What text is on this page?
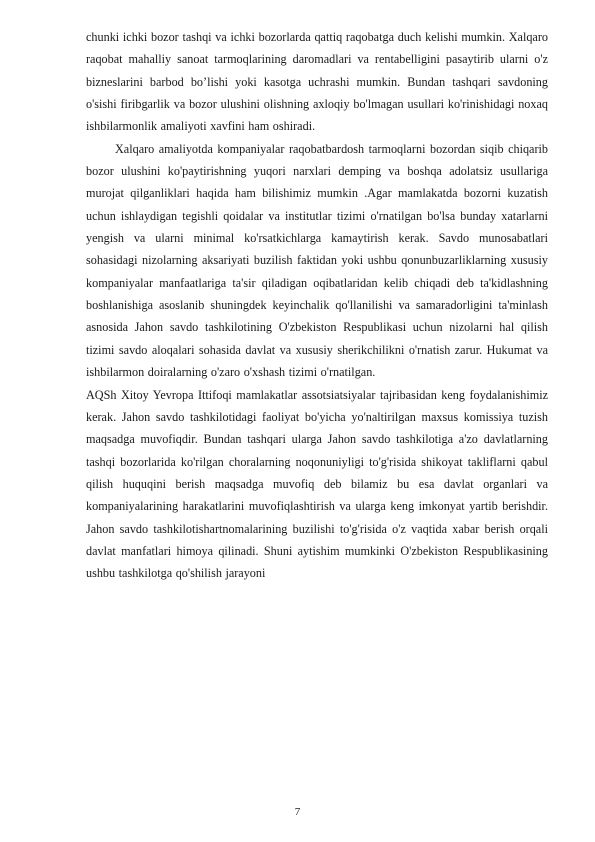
chunki ichki bozor tashqi va ichki bozorlarda qattiq raqobatga duch kelishi mumkin. Xalqaro raqobat mahalliy sanoat tarmoqlarining daromadlari va rentabelligini pasaytirib ularni o'z bizneslarini barbod bo’lishi yoki kasotga uchrashi mumkin. Bundan tashqari savdoning o'sishi firibgarlik va bozor ulushini olishning axloqiy bo'lmagan usullari ko'rinishidagi noxaq ishbilarmonlik amaliyoti xavfini ham oshiradi.

Xalqaro amaliyotda kompaniyalar raqobatbardosh tarmoqlarni bozordan siqib chiqarib bozor ulushini ko'paytirishning yuqori narxlari demping va boshqa adolatsiz usullariga murojat qilganliklari haqida ham bilishimiz mumkin .Agar mamlakatda bozorni kuzatish uchun ishlaydigan tegishli qoidalar va institutlar tizimi o'rnatilgan bo'lsa bunday xatarlarni yengish va ularni minimal ko'rsatkichlarga kamaytirish kerak. Savdo munosabatlari sohasidagi nizolarning aksariyati buzilish faktidan yoki ushbu qonunbuzarliklarning xususiy kompaniyalar manfaatlariga ta'sir qiladigan oqibatlaridan kelib chiqadi deb ta'kidlashning boshlanishiga asoslanib shuningdek keyinchalik qo'llanilishi va samaradorligini ta'minlash asnosida Jahon savdo tashkilotining O'zbekiston Respublikasi uchun nizolarni hal qilish tizimi savdo aloqalari sohasida davlat va xususiy sherikchilikni o'rnatish zarur. Hukumat va ishbilarmon doiralarning o'zaro o'xshash tizimi o'rnatilgan.

AQSh Xitoy Yevropa Ittifoqi mamlakatlar assotsiatsiyalar tajribasidan keng foydalanishimiz kerak. Jahon savdo tashkilotidagi faoliyat bo'yicha yo'naltirilgan maxsus komissiya tuzish maqsadga muvofiqdir. Bundan tashqari ularga Jahon savdo tashkilotiga a'zo davlatlarning tashqi bozorlarida ko'rilgan choralarning noqonuniyligi to'g'risida shikoyat takliflarni qabul qilish huquqini berish maqsadga muvofiq deb bilamiz bu esa davlat organlari va kompaniyalarining harakatlarini muvofiqlashtirish va ularga keng imkonyat yartib berishdir. Jahon savdo tashkilotishartnomalarining buzilishi to'g'risida o'z vaqtida xabar berish orqali davlat manfatlari himoya qilinadi. Shuni aytishim mumkinki O'zbekiston Respublikasining ushbu tashkilotga qo'shilish jarayoni

7
